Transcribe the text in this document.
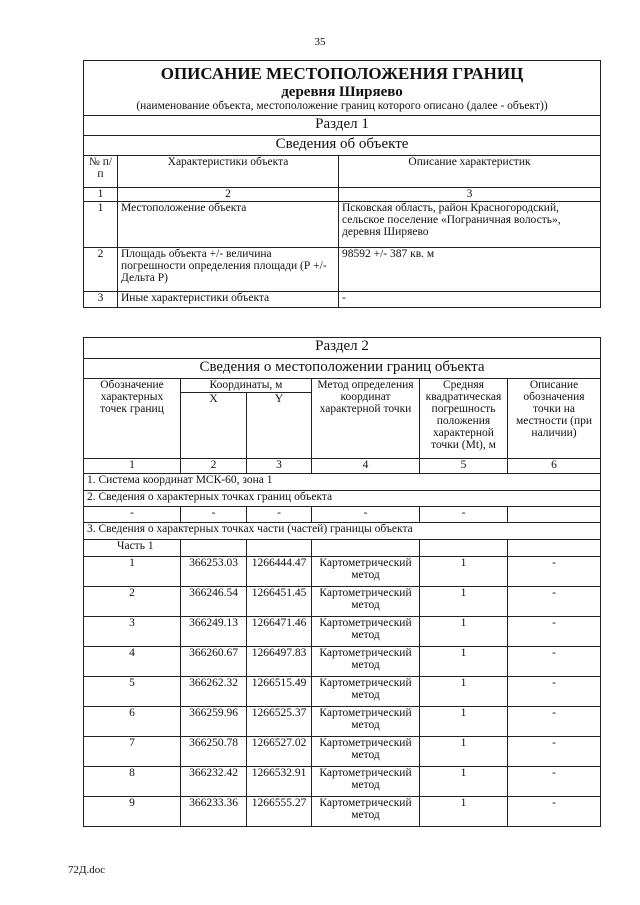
35
ОПИСАНИЕ МЕСТОПОЛОЖЕНИЯ ГРАНИЦ		
деревня Ширяево		
(наименование объекта, местоположение границ которого описано (далее - объект))		
Раздел 1		
Сведения об объекте		
№ п/п	Характеристики объекта	Описание характеристик
1	2	3
1	Местоположение объекта	Псковская область, район Красногородский, сельское поселение «Пограничная волость», деревня Ширяево
2	Площадь объекта +/- величина погрешности определения площади (Р +/- Дельта Р)	98592 +/- 387 кв. м
3	Иные характеристики объекта	-
Раздел 2					
Сведения о местоположении границ объекта					
Обозначение характерных точек границ	Координаты, м		Метод определения координат характерной точки	Средняя квадратическая погрешность положения характерной точки (Mt), м	Описание обозначения точки на местности (при наличии)
	X	Y			
1	2	3	4	5	6
1. Система координат МСК-60, зона 1					
2. Сведения о характерных точках границ объекта					
-	-	-	-	-	
3. Сведения о характерных точках части (частей) границы объекта					
Часть 1					
1	366253.03	1266444.47	Картометрический метод	1	-
2	366246.54	1266451.45	Картометрический метод	1	-
3	366249.13	1266471.46	Картометрический метод	1	-
4	366260.67	1266497.83	Картометрический метод	1	-
5	366262.32	1266515.49	Картометрический метод	1	-
6	366259.96	1266525.37	Картометрический метод	1	-
7	366250.78	1266527.02	Картометрический метод	1	-
8	366232.42	1266532.91	Картометрический метод	1	-
9	366233.36	1266555.27	Картометрический метод	1	-
72Д.doc
